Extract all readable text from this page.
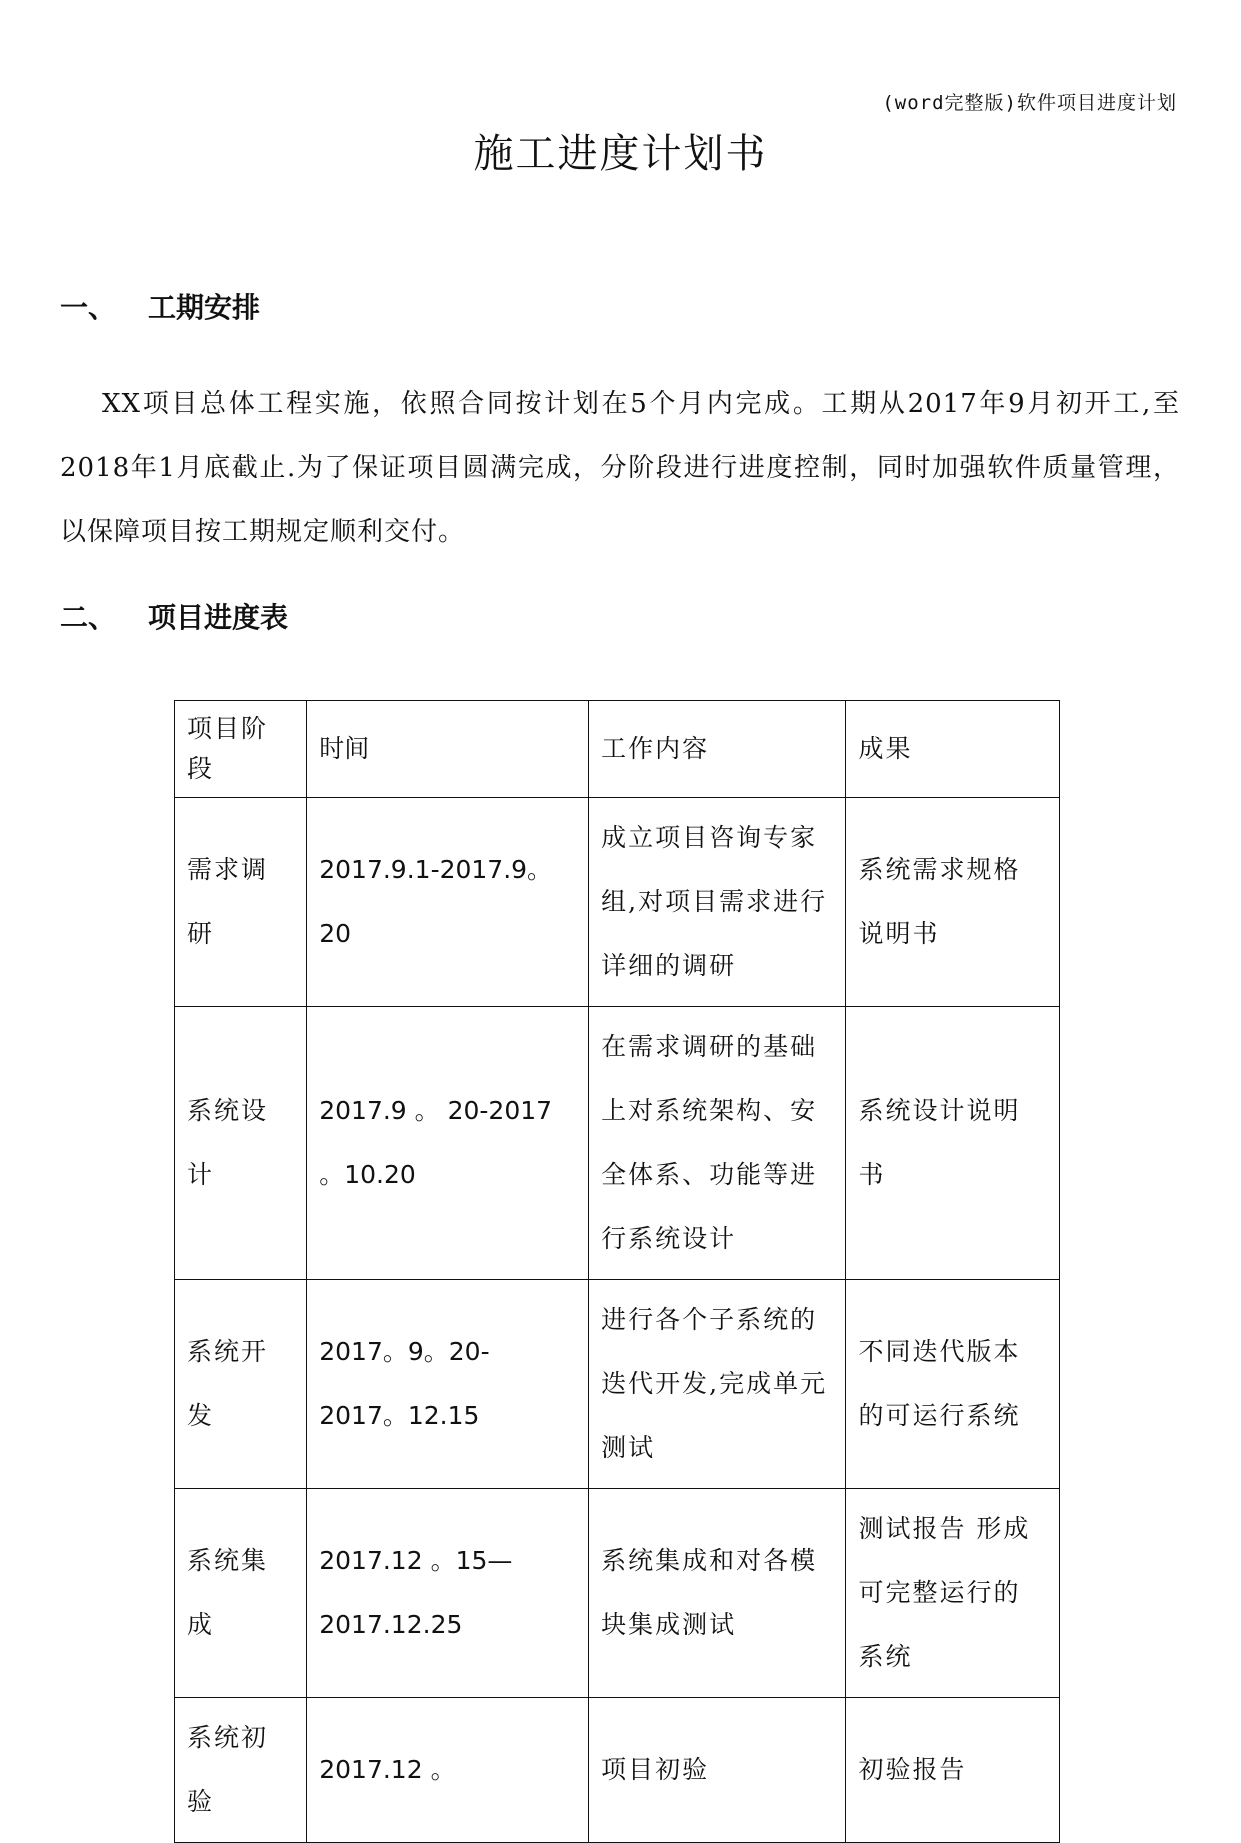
(word完整版)软件项目进度计划
施工进度计划书
一、 工期安排

XX项目总体工程实施，依照合同按计划在5个月内完成。工期从2017年9月初开工,至2018年1月底截止.为了保证项目圆满完成，分阶段进行进度控制，同时加强软件质量管理，以保障项目按工期规定顺利交付。

二、 项目进度表
项目阶段	时间	工作内容	成果
需求调研	2017.9.1-2017.9。20	成立项目咨询专家组,对项目需求进行详细的调研	系统需求规格说明书
系统设计	2017.9 。 20-2017 。10.20	在需求调研的基础上对系统架构、安全体系、功能等进行系统设计	系统设计说明书
系统开发	2017。9。20-2017。12.15	进行各个子系统的迭代开发,完成单元测试	不同迭代版本的可运行系统
系统集成	2017.12 。15—2017.12.25	系统集成和对各模块集成测试	测试报告 形成可完整运行的系统
系统初验	2017.12 。	项目初验	初验报告
